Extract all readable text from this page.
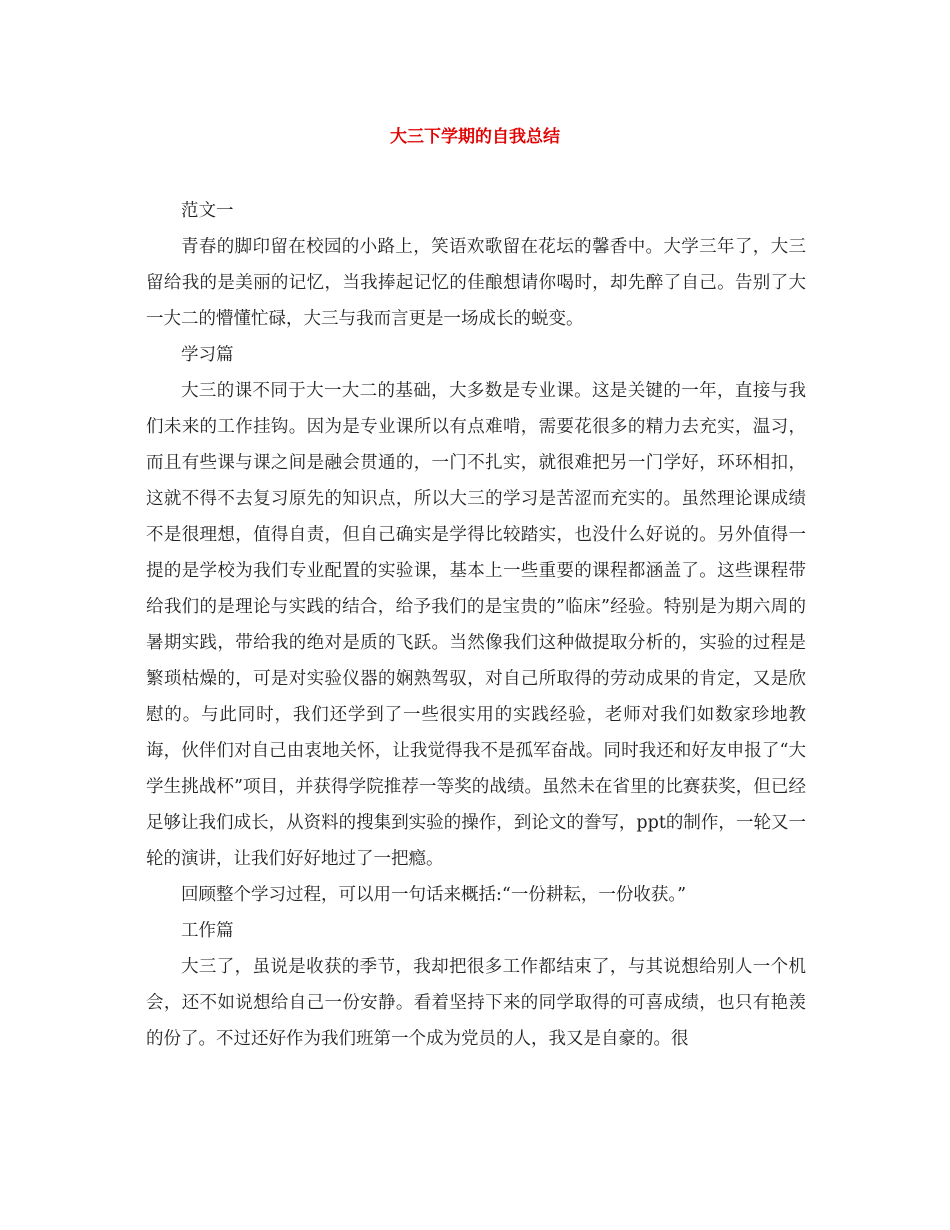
大三下学期的自我总结

范文一

青春的脚印留在校园的小路上，笑语欢歌留在花坛的馨香中。大学三年了，大三留给我的是美丽的记忆，当我捧起记忆的佳酿想请你喝时，却先醉了自己。告别了大一大二的懵懂忙碌，大三与我而言更是一场成长的蜕变。

学习篇

大三的课不同于大一大二的基础，大多数是专业课。这是关键的一年，直接与我们未来的工作挂钩。因为是专业课所以有点难啃，需要花很多的精力去充实，温习，而且有些课与课之间是融会贯通的，一门不扎实，就很难把另一门学好，环环相扣，这就不得不去复习原先的知识点，所以大三的学习是苦涩而充实的。虽然理论课成绩不是很理想，值得自责，但自己确实是学得比较踏实，也没什么好说的。另外值得一提的是学校为我们专业配置的实验课，基本上一些重要的课程都涵盖了。这些课程带给我们的是理论与实践的结合，给予我们的是宝贵的”临床”经验。特别是为期六周的暑期实践，带给我的绝对是质的飞跃。当然像我们这种做提取分析的，实验的过程是繁琐枯燥的，可是对实验仪器的娴熟驾驭，对自己所取得的劳动成果的肯定，又是欣慰的。与此同时，我们还学到了一些很实用的实践经验，老师对我们如数家珍地教诲，伙伴们对自己由衷地关怀，让我觉得我不是孤军奋战。同时我还和好友申报了“大学生挑战杯”项目，并获得学院推荐一等奖的战绩。虽然未在省里的比赛获奖，但已经足够让我们成长，从资料的搜集到实验的操作，到论文的誊写，ppt的制作，一轮又一轮的演讲，让我们好好地过了一把瘾。

回顾整个学习过程，可以用一句话来概括:“一份耕耘，一份收获。”

工作篇

大三了，虽说是收获的季节，我却把很多工作都结束了，与其说想给别人一个机会，还不如说想给自己一份安静。看着坚持下来的同学取得的可喜成绩，也只有艳羡的份了。不过还好作为我们班第一个成为党员的人，我又是自豪的。很
